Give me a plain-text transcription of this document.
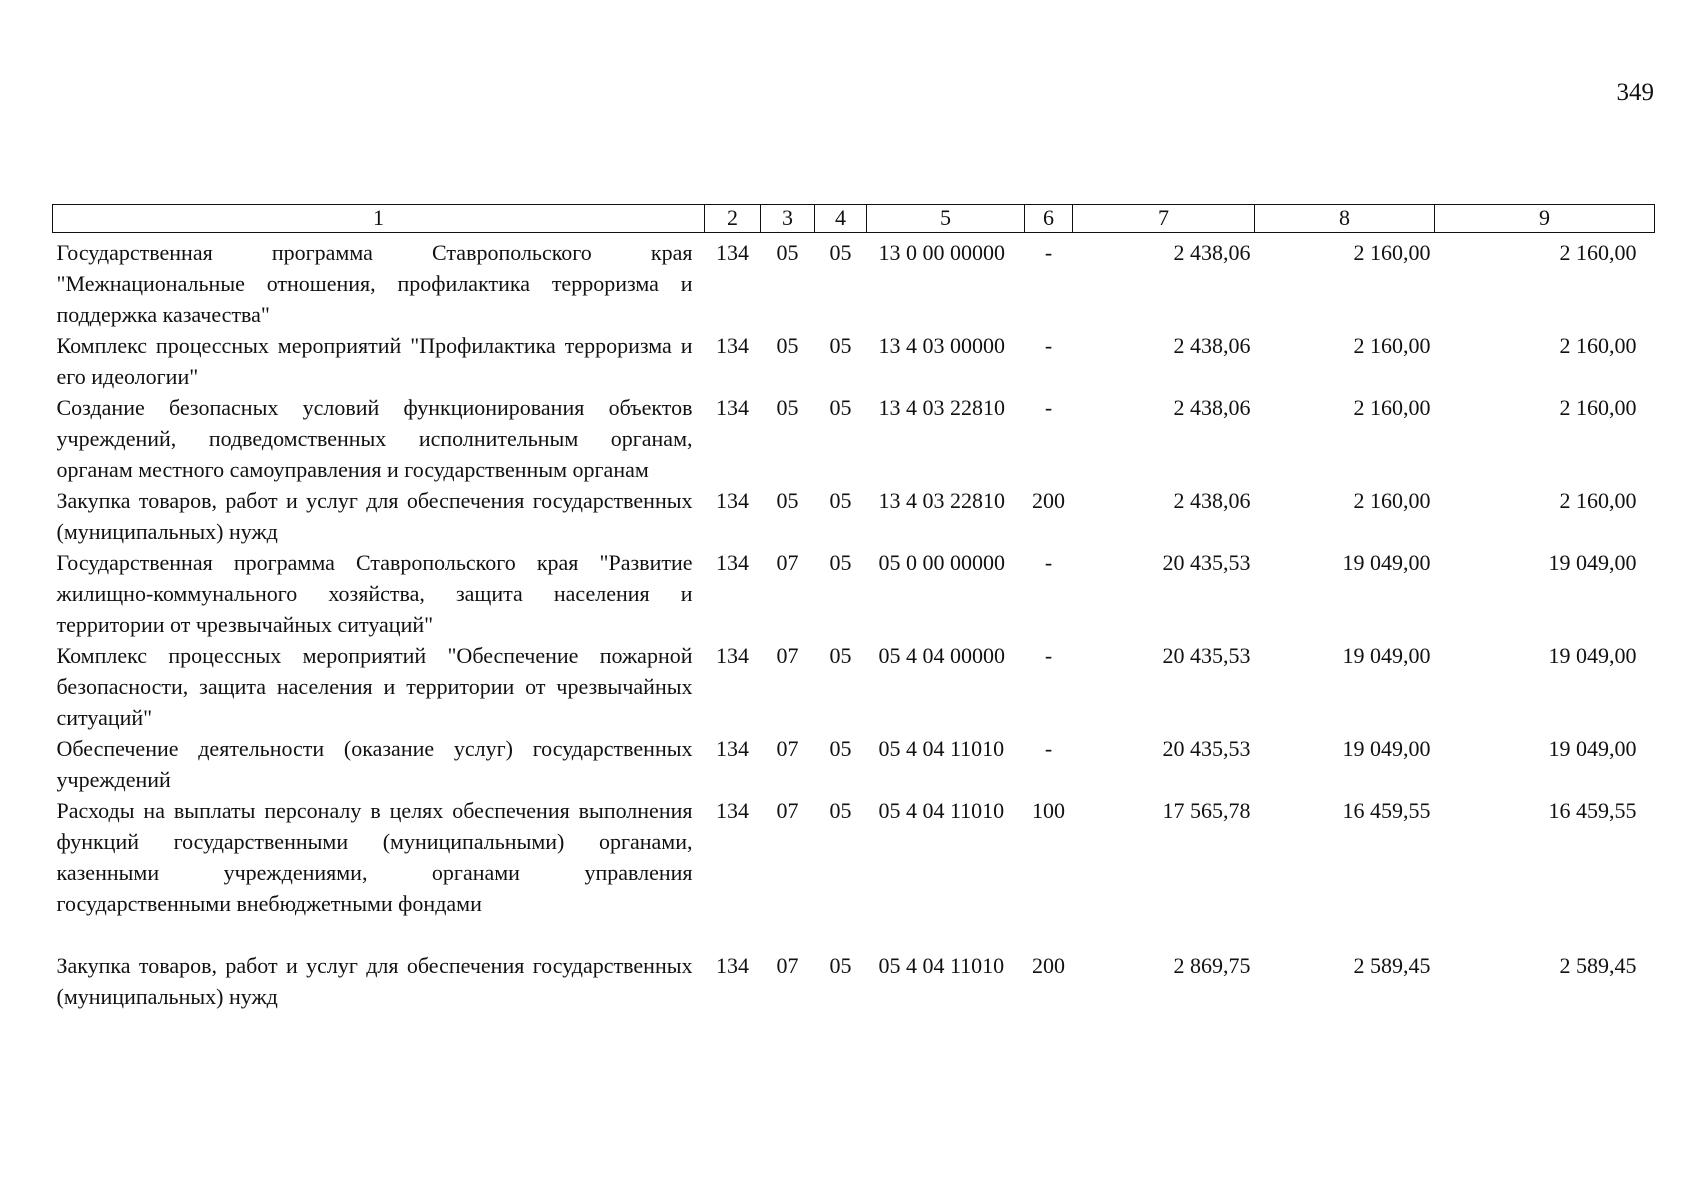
349
1	2	3	4	5	6	7	8	9
Государственная программа Ставропольского края "Межнациональные отношения, профилактика терроризма и поддержка казачества"	134	05	05	13 0 00 00000	-	2 438,06	2 160,00	2 160,00
Комплекс процессных мероприятий "Профилактика терроризма и его идеологии"	134	05	05	13 4 03 00000	-	2 438,06	2 160,00	2 160,00
Создание безопасных условий функционирования объектов учреждений, подведомственных исполнительным органам, органам местного самоуправления и государственным органам	134	05	05	13 4 03 22810	-	2 438,06	2 160,00	2 160,00
Закупка товаров, работ и услуг для обеспечения государственных (муниципальных) нужд	134	05	05	13 4 03 22810	200	2 438,06	2 160,00	2 160,00
Государственная программа Ставропольского края "Развитие жилищно-коммунального хозяйства, защита населения и территории от чрезвычайных ситуаций"	134	07	05	05 0 00 00000	-	20 435,53	19 049,00	19 049,00
Комплекс процессных мероприятий "Обеспечение пожарной безопасности, защита населения и территории от чрезвычайных ситуаций"	134	07	05	05 4 04 00000	-	20 435,53	19 049,00	19 049,00
Обеспечение деятельности (оказание услуг) государственных учреждений	134	07	05	05 4 04 11010	-	20 435,53	19 049,00	19 049,00
Расходы на выплаты персоналу в целях обеспечения выполнения функций государственными (муниципальными) органами, казенными учреждениями, органами управления государственными внебюджетными фондами	134	07	05	05 4 04 11010	100	17 565,78	16 459,55	16 459,55
Закупка товаров, работ и услуг для обеспечения государственных (муниципальных) нужд	134	07	05	05 4 04 11010	200	2 869,75	2 589,45	2 589,45
